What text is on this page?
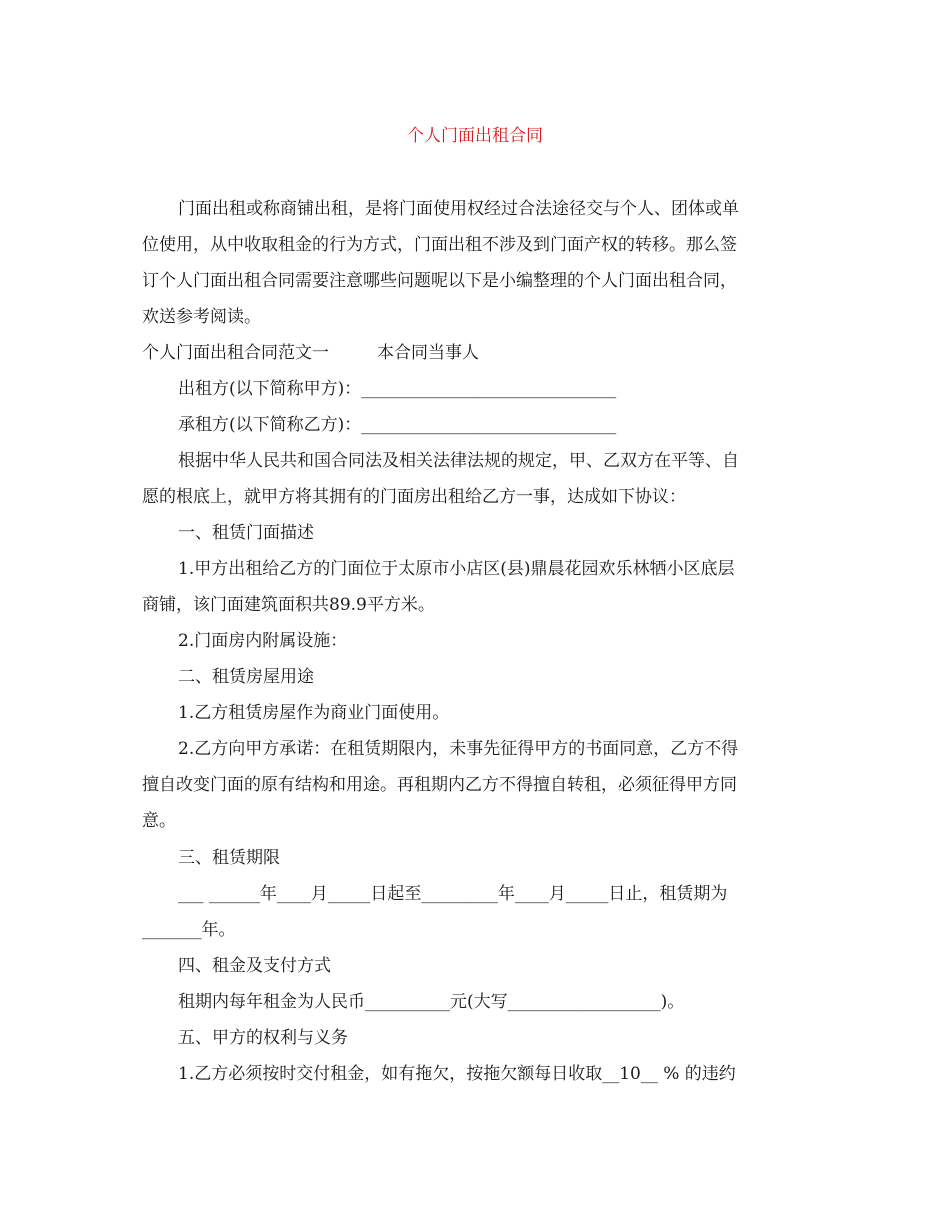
个人门面出租合同
门面出租或称商铺出租，是将门面使用权经过合法途径交与个人、团体或单
位使用，从中收取租金的行为方式，门面出租不涉及到门面产权的转移。那么签
订个人门面出租合同需要注意哪些问题呢以下是小编整理的个人门面出租合同，
欢送参考阅读。
个人门面出租合同范文一	本合同当事人
出租方(以下简称甲方)：______________________________
承租方(以下简称乙方)：______________________________
根据中华人民共和国合同法及相关法律法规的规定，甲、乙双方在平等、自
愿的根底上，就甲方将其拥有的门面房出租给乙方一事，达成如下协议：
一、租赁门面描述
1.甲方出租给乙方的门面位于太原市小店区(县)鼎晨花园欢乐林牺小区底层
商铺，该门面建筑面积共89.9平方米。
2.门面房内附属设施：
二、租赁房屋用途
1.乙方租赁房屋作为商业门面使用。
2.乙方向甲方承诺：在租赁期限内，未事先征得甲方的书面同意，乙方不得
擅自改变门面的原有结构和用途。再租期内乙方不得擅自转租，必须征得甲方同
意。
三、租赁期限
___ ______年____月_____日起至_________年____月_____日止，租赁期为
_______年。
四、租金及支付方式
租期内每年租金为人民币__________元(大写__________________)。
五、甲方的权利与义务
1.乙方必须按时交付租金，如有拖欠，按拖欠额每日收取__10__ % 的违约
